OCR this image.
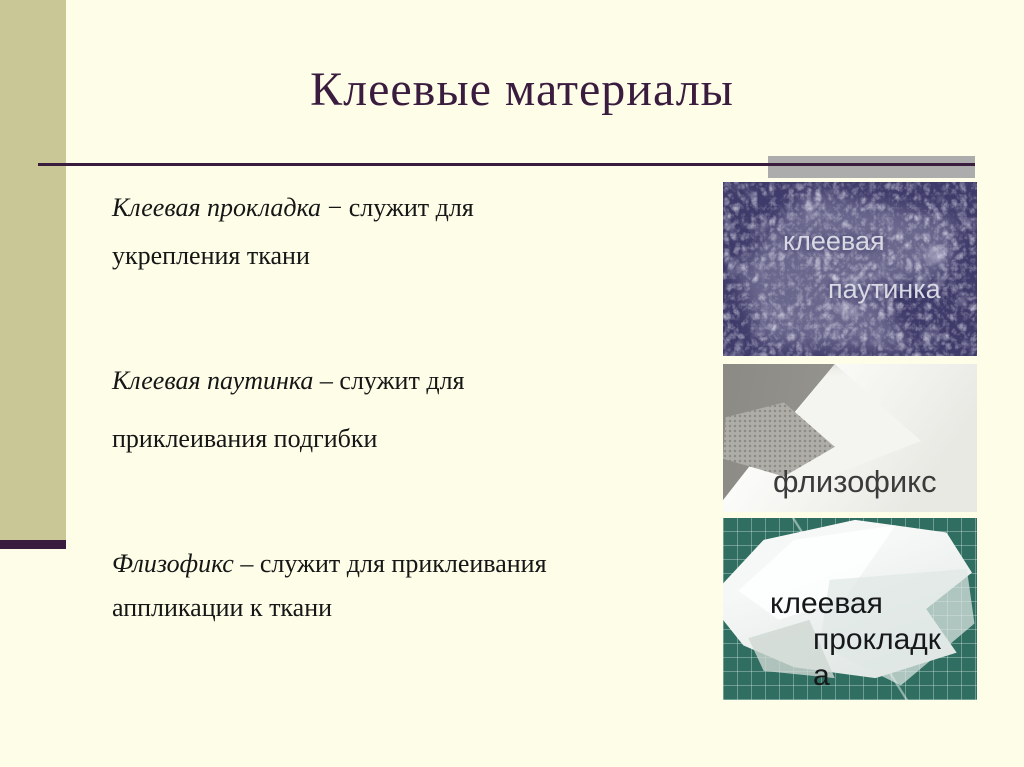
Клеевые материалы
Клеевая прокладка − служит для
укрепления ткани
Клеевая паутинка – служит для
приклеивания подгибки
Флизофикс – служит для приклеивания
аппликации к ткани
клеевая
паутинка
флизофикс
клеевая
прокладк
а
